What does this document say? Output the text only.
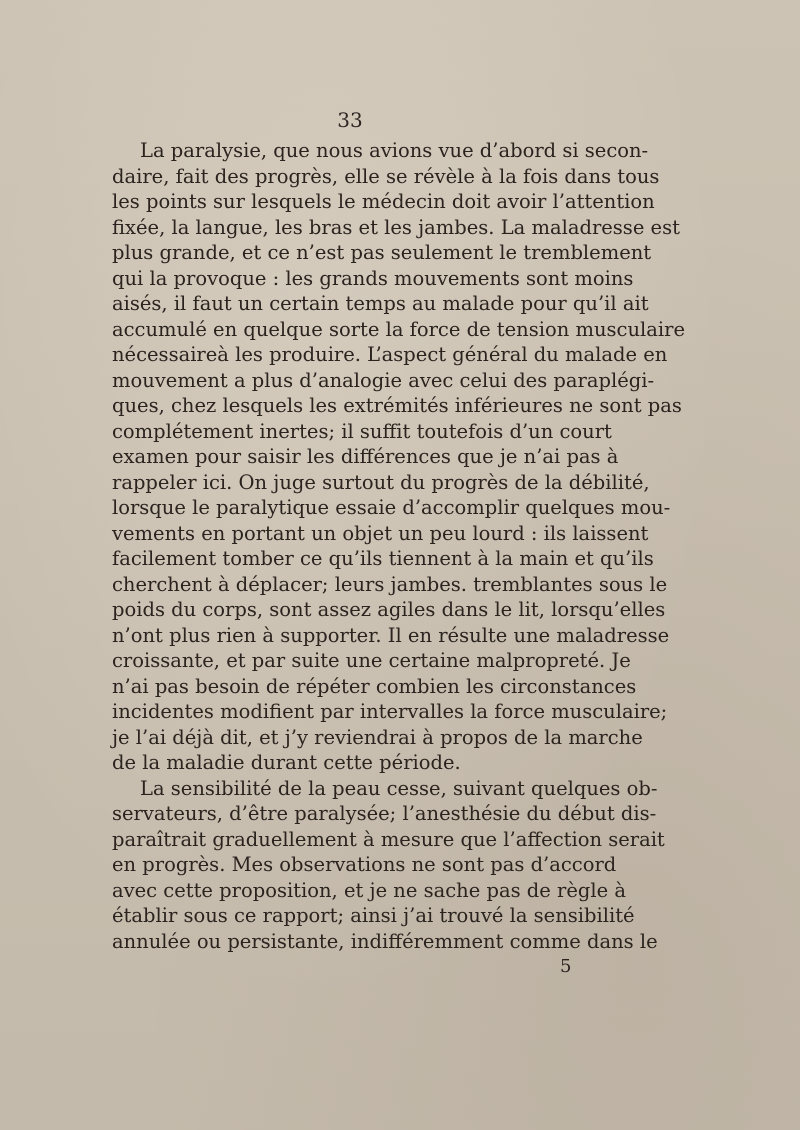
33
La paralysie, que nous avions vue d’abord si secon-
daire, fait des progrès, elle se révèle à la fois dans tous
les points sur lesquels le médecin doit avoir l’attention
fixée, la langue, les bras et les jambes. La maladresse est
plus grande, et ce n’est pas seulement le tremblement
qui la provoque : les grands mouvements sont moins
aisés, il faut un certain temps au malade pour qu’il ait
accumulé en quelque sorte la force de tension musculaire
nécessaireà les produire. L’aspect général du malade en
mouvement a plus d’analogie avec celui des paraplégi-
ques, chez lesquels les extrémités inférieures ne sont pas
complétement inertes; il suffit toutefois d’un court
examen pour saisir les différences que je n’ai pas à
rappeler ici. On juge surtout du progrès de la débilité,
lorsque le paralytique essaie d’accomplir quelques mou-
vements en portant un objet un peu lourd : ils laissent
facilement tomber ce qu’ils tiennent à la main et qu’ils
cherchent à déplacer; leurs jambes. tremblantes sous le
poids du corps, sont assez agiles dans le lit, lorsqu’elles
n’ont plus rien à supporter. Il en résulte une maladresse
croissante, et par suite une certaine malpropreté. Je
n’ai pas besoin de répéter combien les circonstances
incidentes modifient par intervalles la force musculaire;
je l’ai déjà dit, et j’y reviendrai à propos de la marche
de la maladie durant cette période.
La sensibilité de la peau cesse, suivant quelques ob-
servateurs, d’être paralysée; l’anesthésie du début dis-
paraîtrait graduellement à mesure que l’affection serait
en progrès. Mes observations ne sont pas d’accord
avec cette proposition, et je ne sache pas de règle à
établir sous ce rapport; ainsi j’ai trouvé la sensibilité
annulée ou persistante, indifféremment comme dans le
5
